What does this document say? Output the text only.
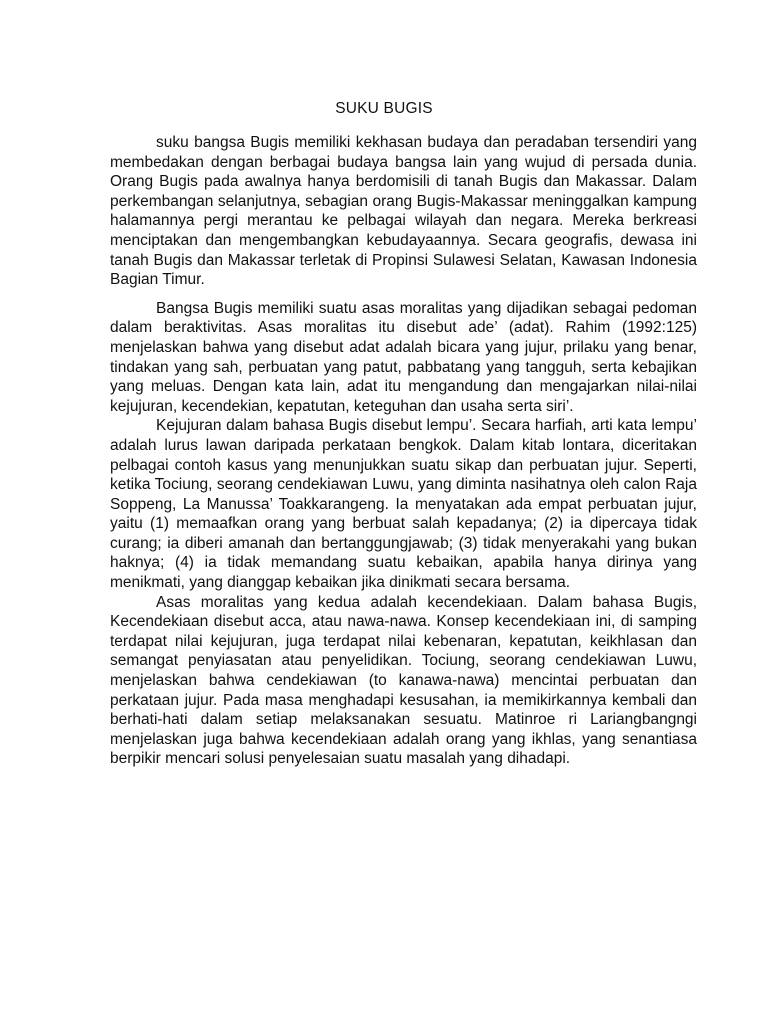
SUKU BUGIS

suku bangsa Bugis memiliki kekhasan budaya dan peradaban tersendiri yang membedakan dengan berbagai budaya bangsa lain yang wujud di persada dunia. Orang Bugis pada awalnya hanya berdomisili di tanah Bugis dan Makassar. Dalam perkembangan selanjutnya, sebagian orang Bugis-Makassar meninggalkan kampung halamannya pergi merantau ke pelbagai wilayah dan negara. Mereka berkreasi menciptakan dan mengembangkan kebudayaannya. Secara geografis, dewasa ini tanah Bugis dan Makassar terletak di Propinsi Sulawesi Selatan, Kawasan Indonesia Bagian Timur.

Bangsa Bugis memiliki suatu asas moralitas yang dijadikan sebagai pedoman dalam beraktivitas. Asas moralitas itu disebut ade’ (adat). Rahim (1992:125) menjelaskan bahwa yang disebut adat adalah bicara yang jujur, prilaku yang benar, tindakan yang sah, perbuatan yang patut, pabbatang yang tangguh, serta kebajikan yang meluas. Dengan kata lain, adat itu mengandung dan mengajarkan nilai-nilai kejujuran, kecendekian, kepatutan, keteguhan dan usaha serta siri’.

Kejujuran dalam bahasa Bugis disebut lempu’. Secara harfiah, arti kata lempu’ adalah lurus lawan daripada perkataan bengkok. Dalam kitab lontara, diceritakan pelbagai contoh kasus yang menunjukkan suatu sikap dan perbuatan jujur. Seperti, ketika Tociung, seorang cendekiawan Luwu, yang diminta nasihatnya oleh calon Raja Soppeng, La Manussa’ Toakkarangeng. Ia menyatakan ada empat perbuatan jujur, yaitu (1) memaafkan orang yang berbuat salah kepadanya; (2) ia dipercaya tidak curang; ia diberi amanah dan bertanggungjawab; (3) tidak menyerakahi yang bukan haknya; (4) ia tidak memandang suatu kebaikan, apabila hanya dirinya yang menikmati, yang dianggap kebaikan jika dinikmati secara bersama.

Asas moralitas yang kedua adalah kecendekiaan. Dalam bahasa Bugis, Kecendekiaan disebut acca, atau nawa-nawa. Konsep kecendekiaan ini, di samping terdapat nilai kejujuran, juga terdapat nilai kebenaran, kepatutan, keikhlasan dan semangat penyiasatan atau penyelidikan. Tociung, seorang cendekiawan Luwu, menjelaskan bahwa cendekiawan (to kanawa-nawa) mencintai perbuatan dan perkataan jujur. Pada masa menghadapi kesusahan, ia memikirkannya kembali dan berhati-hati dalam setiap melaksanakan sesuatu. Matinroe ri Lariangbangngi menjelaskan juga bahwa kecendekiaan adalah orang yang ikhlas, yang senantiasa berpikir mencari solusi penyelesaian suatu masalah yang dihadapi.
